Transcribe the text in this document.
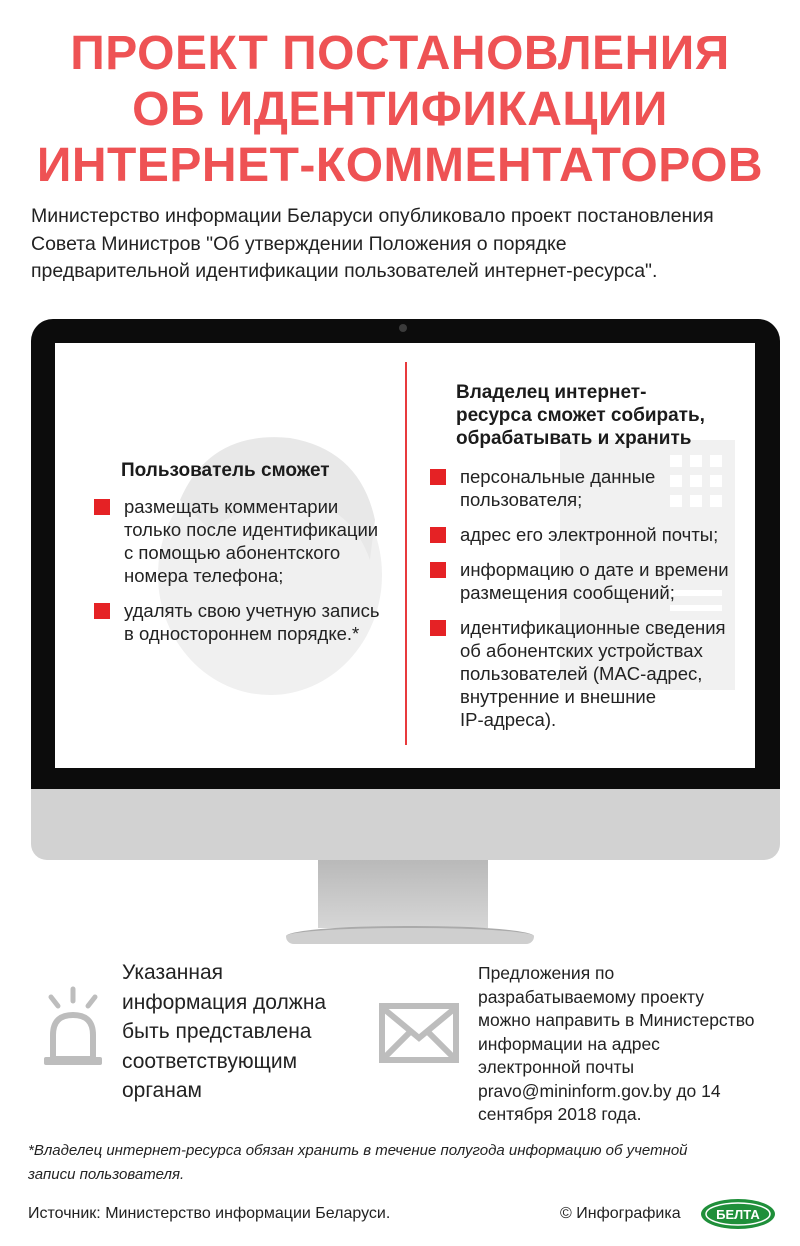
ПРОЕКТ ПОСТАНОВЛЕНИЯ
ОБ ИДЕНТИФИКАЦИИ
ИНТЕРНЕТ-КОММЕНТАТОРОВ
Министерство информации Беларуси опубликовало проект постановления
Совета Министров "Об утверждении Положения о порядке
предварительной идентификации пользователей интернет-ресурса".
Пользователь сможет
размещать комментарии
только после идентификации
с помощью абонентского
номера телефона;
удалять свою учетную запись
в одностороннем порядке.*
Владелец интернет-
ресурса сможет собирать,
обрабатывать и хранить
персональные данные
пользователя;
адрес его электронной почты;
информацию о дате и времени
размещения сообщений;
идентификационные сведения
об абонентских устройствах
пользователей (MAC-адрес,
внутренние и внешние
IP-адреса).
Указанная
информация должна
быть представлена
соответствующим
органам
Предложения по
разрабатываемому проекту
можно направить в Министерство
информации на адрес
электронной почты
pravo@mininform.gov.by до 14
сентября 2018 года.
*Владелец интернет-ресурса обязан хранить в течение полугода информацию об учетной
записи пользователя.
Источник: Министерство информации Беларуси.	© Инфографика	БЕЛТА
